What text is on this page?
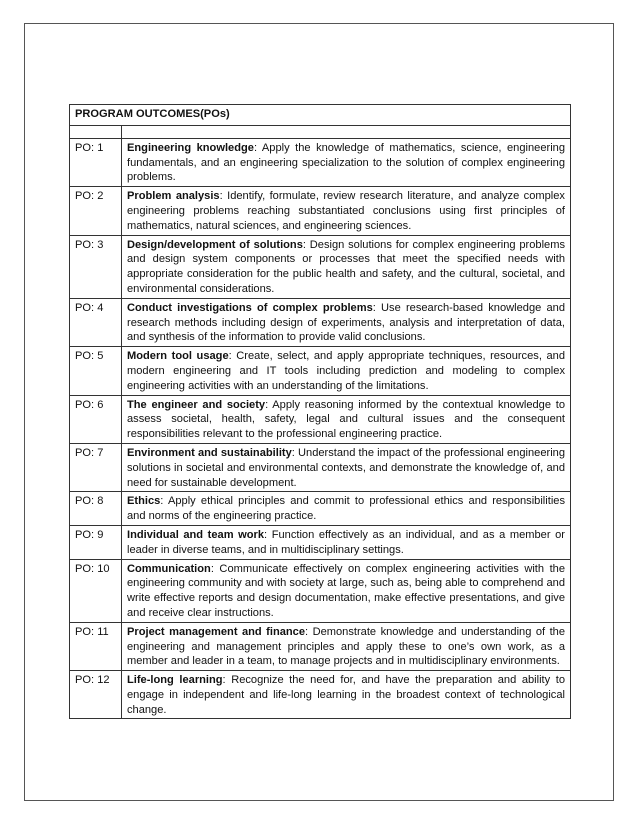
PROGRAM OUTCOMES(POs)	

PO: 1	Engineering knowledge: Apply the knowledge of mathematics, science, engineering fundamentals, and an engineering specialization to the solution of complex engineering problems.
PO: 2	Problem analysis: Identify, formulate, review research literature, and analyze complex engineering problems reaching substantiated conclusions using first principles of mathematics, natural sciences, and engineering sciences.
PO: 3	Design/development of solutions: Design solutions for complex engineering problems and design system components or processes that meet the specified needs with appropriate consideration for the public health and safety, and the cultural, societal, and environmental considerations.
PO: 4	Conduct investigations of complex problems: Use research-based knowledge and research methods including design of experiments, analysis and interpretation of data, and synthesis of the information to provide valid conclusions.
PO: 5	Modern tool usage: Create, select, and apply appropriate techniques, resources, and modern engineering and IT tools including prediction and modeling to complex engineering activities with an understanding of the limitations.
PO: 6	The engineer and society: Apply reasoning informed by the contextual knowledge to assess societal, health, safety, legal and cultural issues and the consequent responsibilities relevant to the professional engineering practice.
PO: 7	Environment and sustainability: Understand the impact of the professional engineering solutions in societal and environmental contexts, and demonstrate the knowledge of, and need for sustainable development.
PO: 8	Ethics: Apply ethical principles and commit to professional ethics and responsibilities and norms of the engineering practice.
PO: 9	Individual and team work: Function effectively as an individual, and as a member or leader in diverse teams, and in multidisciplinary settings.
PO: 10	Communication: Communicate effectively on complex engineering activities with the engineering community and with society at large, such as, being able to comprehend and write effective reports and design documentation, make effective presentations, and give and receive clear instructions.
PO: 11	Project management and finance: Demonstrate knowledge and understanding of the engineering and management principles and apply these to one’s own work, as a member and leader in a team, to manage projects and in multidisciplinary environments.
PO: 12	Life-long learning: Recognize the need for, and have the preparation and ability to engage in independent and life-long learning in the broadest context of technological change.
